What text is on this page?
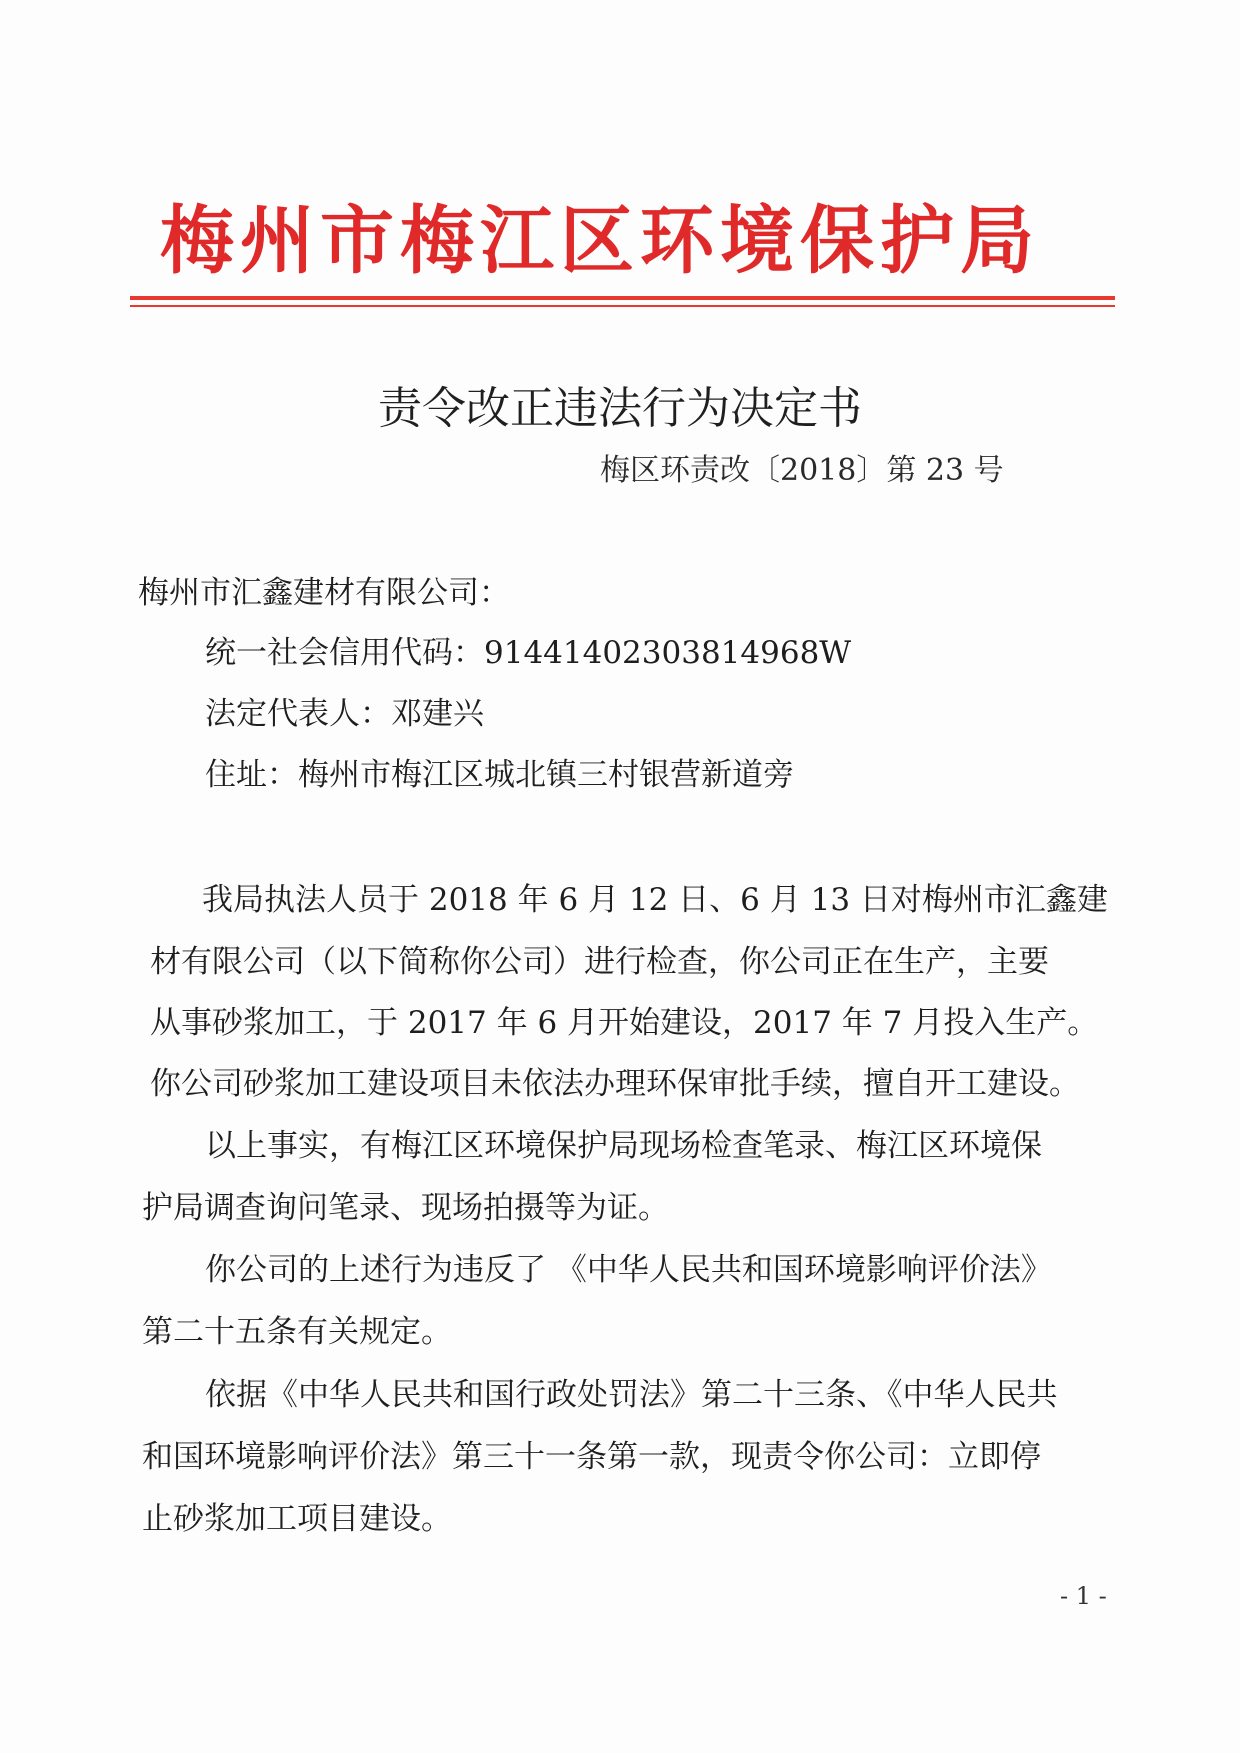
梅州市梅江区环境保护局
责令改正违法行为决定书
梅区环责改〔2018〕第 23 号
梅州市汇鑫建材有限公司：
统一社会信用代码：91441402303814968W
法定代表人：邓建兴
住址：梅州市梅江区城北镇三村银营新道旁
我局执法人员于 2018 年 6 月 12 日、6 月 13 日对梅州市汇鑫建
材有限公司（以下简称你公司）进行检查，你公司正在生产，主要
从事砂浆加工，于 2017 年 6 月开始建设，2017 年 7 月投入生产。
你公司砂浆加工建设项目未依法办理环保审批手续，擅自开工建设。
以上事实，有梅江区环境保护局现场检查笔录、梅江区环境保
护局调查询问笔录、现场拍摄等为证。
你公司的上述行为违反了 《中华人民共和国环境影响评价法》
第二十五条有关规定。
依据《中华人民共和国行政处罚法》第二十三条、《中华人民共
和国环境影响评价法》第三十一条第一款，现责令你公司：立即停
止砂浆加工项目建设。
- 1 -
